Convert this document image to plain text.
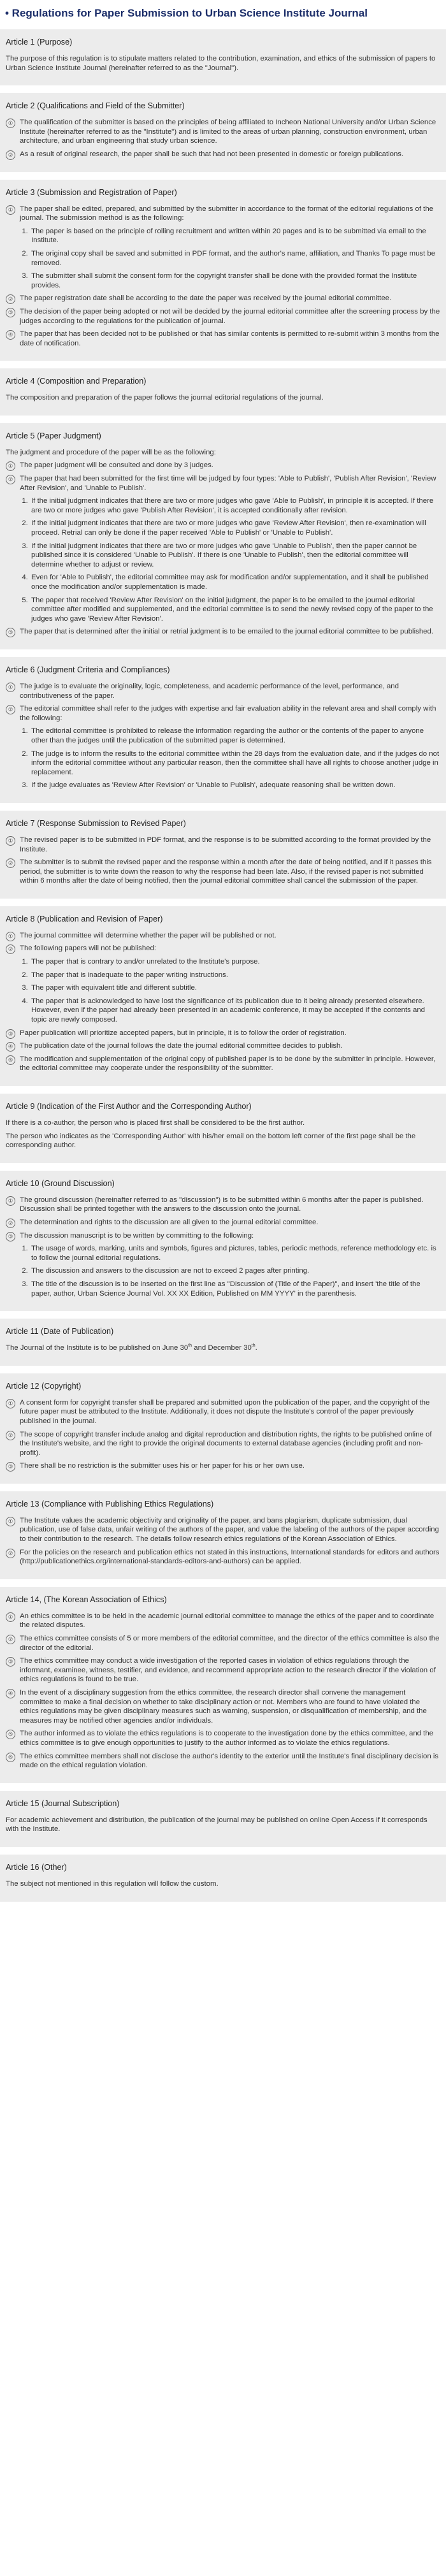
• Regulations for Paper Submission to Urban Science Institute Journal
Article 1 (Purpose)

The purpose of this regulation is to stipulate matters related to the contribution, examination, and ethics of the submission of papers to Urban Science Institute Journal (hereinafter referred to as the "Journal").

Article 2 (Qualifications and Field of the Submitter)
① The qualification of the submitter is based on the principles of being affiliated to Incheon National University and/or Urban Science Institute (hereinafter referred to as the "Institute") and is limited to the areas of urban planning, construction environment, urban architecture, and urban engineering that study urban science.
② As a result of original research, the paper shall be such that had not been presented in domestic or foreign publications.
Article 3 (Submission and Registration of Paper)
① The paper shall be edited, prepared, and submitted by the submitter in accordance to the format of the editorial regulations of the journal. The submission method is as the following:
1. The paper is based on the principle of rolling recruitment and written within 20 pages and is to be submitted via email to the Institute.
2. The original copy shall be saved and submitted in PDF format, and the author's name, affiliation, and Thanks To page must be removed.
3. The submitter shall submit the consent form for the copyright transfer shall be done with the provided format the Institute provides.
② The paper registration date shall be according to the date the paper was received by the journal editorial committee.
③ The decision of the paper being adopted or not will be decided by the journal editorial committee after the screening process by the judges according to the regulations for the publication of journal.
④ The paper that has been decided not to be published or that has similar contents is permitted to re-submit within 3 months from the date of notification.
Article 4 (Composition and Preparation)

The composition and preparation of the paper follows the journal editorial regulations of the journal.

Article 5 (Paper Judgment)

The judgment and procedure of the paper will be as the following:

① The paper judgment will be consulted and done by 3 judges.
② The paper that had been submitted for the first time will be judged by four types: 'Able to Publish', 'Publish After Revision', 'Review After Revision', and 'Unable to Publish'.
1. If the initial judgment indicates that there are two or more judges who gave 'Able to Publish', in principle it is accepted. If there are two or more judges who gave 'Publish After Revision', it is accepted conditionally after revision.
2. If the initial judgment indicates that there are two or more judges who gave 'Review After Revision', then re-examination will proceed. Retrial can only be done if the paper received 'Able to Publish' or 'Unable to Publish'.
3. If the initial judgment indicates that there are two or more judges who gave 'Unable to Publish', then the paper cannot be published since it is considered 'Unable to Publish'. If there is one 'Unable to Publish', then the editorial committee will determine whether to adjust or review.
4. Even for 'Able to Publish', the editorial committee may ask for modification and/or supplementation, and it shall be published once the modification and/or supplementation is made.
5. The paper that received 'Review After Revision' on the initial judgment, the paper is to be emailed to the journal editorial committee after modified and supplemented, and the editorial committee is to send the newly revised copy of the paper to the judges who gave 'Review After Revision'.
③ The paper that is determined after the initial or retrial judgment is to be emailed to the journal editorial committee to be published.
Article 6 (Judgment Criteria and Compliances)
① The judge is to evaluate the originality, logic, completeness, and academic performance of the level, performance, and contributiveness of the paper.
② The editorial committee shall refer to the judges with expertise and fair evaluation ability in the relevant area and shall comply with the following:
1. The editorial committee is prohibited to release the information regarding the author or the contents of the paper to anyone other than the judges until the publication of the submitted paper is determined.
2. The judge is to inform the results to the editorial committee within the 28 days from the evaluation date, and if the judges do not inform the editorial committee without any particular reason, then the committee shall have all rights to choose another judge in replacement.
3. If the judge evaluates as 'Review After Revision' or 'Unable to Publish', adequate reasoning shall be written down.
Article 7 (Response Submission to Revised Paper)
① The revised paper is to be submitted in PDF format, and the response is to be submitted according to the format provided by the Institute.
② The submitter is to submit the revised paper and the response within a month after the date of being notified, and if it passes this period, the submitter is to write down the reason to why the response had been late. Also, if the revised paper is not submitted within 6 months after the date of being notified, then the journal editorial committee shall cancel the submission of the paper.
Article 8 (Publication and Revision of Paper)
① The journal committee will determine whether the paper will be published or not.
② The following papers will not be published:
1. The paper that is contrary to and/or unrelated to the Institute's purpose.
2. The paper that is inadequate to the paper writing instructions.
3. The paper with equivalent title and different subtitle.
4. The paper that is acknowledged to have lost the significance of its publication due to it being already presented elsewhere. However, even if the paper had already been presented in an academic conference, it may be accepted if the contents and topic are newly composed.
③ Paper publication will prioritize accepted papers, but in principle, it is to follow the order of registration.
④ The publication date of the journal follows the date the journal editorial committee decides to publish.
⑤ The modification and supplementation of the original copy of published paper is to be done by the submitter in principle. However, the editorial committee may cooperate under the responsibility of the submitter.
Article 9 (Indication of the First Author and the Corresponding Author)

If there is a co-author, the person who is placed first shall be considered to be the first author.

The person who indicates as the 'Corresponding Author' with his/her email on the bottom left corner of the first page shall be the corresponding author.

Article 10 (Ground Discussion)
① The ground discussion (hereinafter referred to as "discussion") is to be submitted within 6 months after the paper is published. Discussion shall be printed together with the answers to the discussion onto the journal.
② The determination and rights to the discussion are all given to the journal editorial committee.
③ The discussion manuscript is to be written by committing to the following:
1. The usage of words, marking, units and symbols, figures and pictures, tables, periodic methods, reference methodology etc. is to follow the journal editorial regulations.
2. The discussion and answers to the discussion are not to exceed 2 pages after printing.
3. The title of the discussion is to be inserted on the first line as "Discussion of (Title of the Paper)", and insert 'the title of the paper, author, Urban Science Journal Vol. XX XX Edition, Published on MM YYYY' in the parenthesis.
Article 11 (Date of Publication)

The Journal of the Institute is to be published on June 30th and December 30th.

Article 12 (Copyright)
① A consent form for copyright transfer shall be prepared and submitted upon the publication of the paper, and the copyright of the future paper must be attributed to the Institute. Additionally, it does not dispute the Institute's control of the paper previously published in the journal.
② The scope of copyright transfer include analog and digital reproduction and distribution rights, the rights to be published online of the Institute's website, and the right to provide the original documents to external database agencies (including profit and non-profit).
③ There shall be no restriction is the submitter uses his or her paper for his or her own use.
Article 13 (Compliance with Publishing Ethics Regulations)
① The Institute values the academic objectivity and originality of the paper, and bans plagiarism, duplicate submission, dual publication, use of false data, unfair writing of the authors of the paper, and value the labeling of the authors of the paper according to their contribution to the research. The details follow research ethics regulations of the Korean Association of Ethics.
② For the policies on the research and publication ethics not stated in this instructions, International standards for editors and authors (http://publicationethics.org/international-standards-editors-and-authors) can be applied.
Article 14, (The Korean Association of Ethics)
① An ethics committee is to be held in the academic journal editorial committee to manage the ethics of the paper and to coordinate the related disputes.
② The ethics committee consists of 5 or more members of the editorial committee, and the director of the ethics committee is also the director of the editorial.
③ The ethics committee may conduct a wide investigation of the reported cases in violation of ethics regulations through the informant, examinee, witness, testifier, and evidence, and recommend appropriate action to the research director if the violation of ethics regulations is found to be true.
④ In the event of a disciplinary suggestion from the ethics committee, the research director shall convene the management committee to make a final decision on whether to take disciplinary action or not. Members who are found to have violated the ethics regulations may be given disciplinary measures such as warning, suspension, or disqualification of membership, and the measures may be notified other agencies and/or individuals.
⑤ The author informed as to violate the ethics regulations is to cooperate to the investigation done by the ethics committee, and the ethics committee is to give enough opportunities to justify to the author informed as to violate the ethics regulations.
⑥ The ethics committee members shall not disclose the author's identity to the exterior until the Institute's final disciplinary decision is made on the ethical regulation violation.
Article 15 (Journal Subscription)

For academic achievement and distribution, the publication of the journal may be published on online Open Access if it corresponds with the Institute.

Article 16 (Other)

The subject not mentioned in this regulation will follow the custom.
